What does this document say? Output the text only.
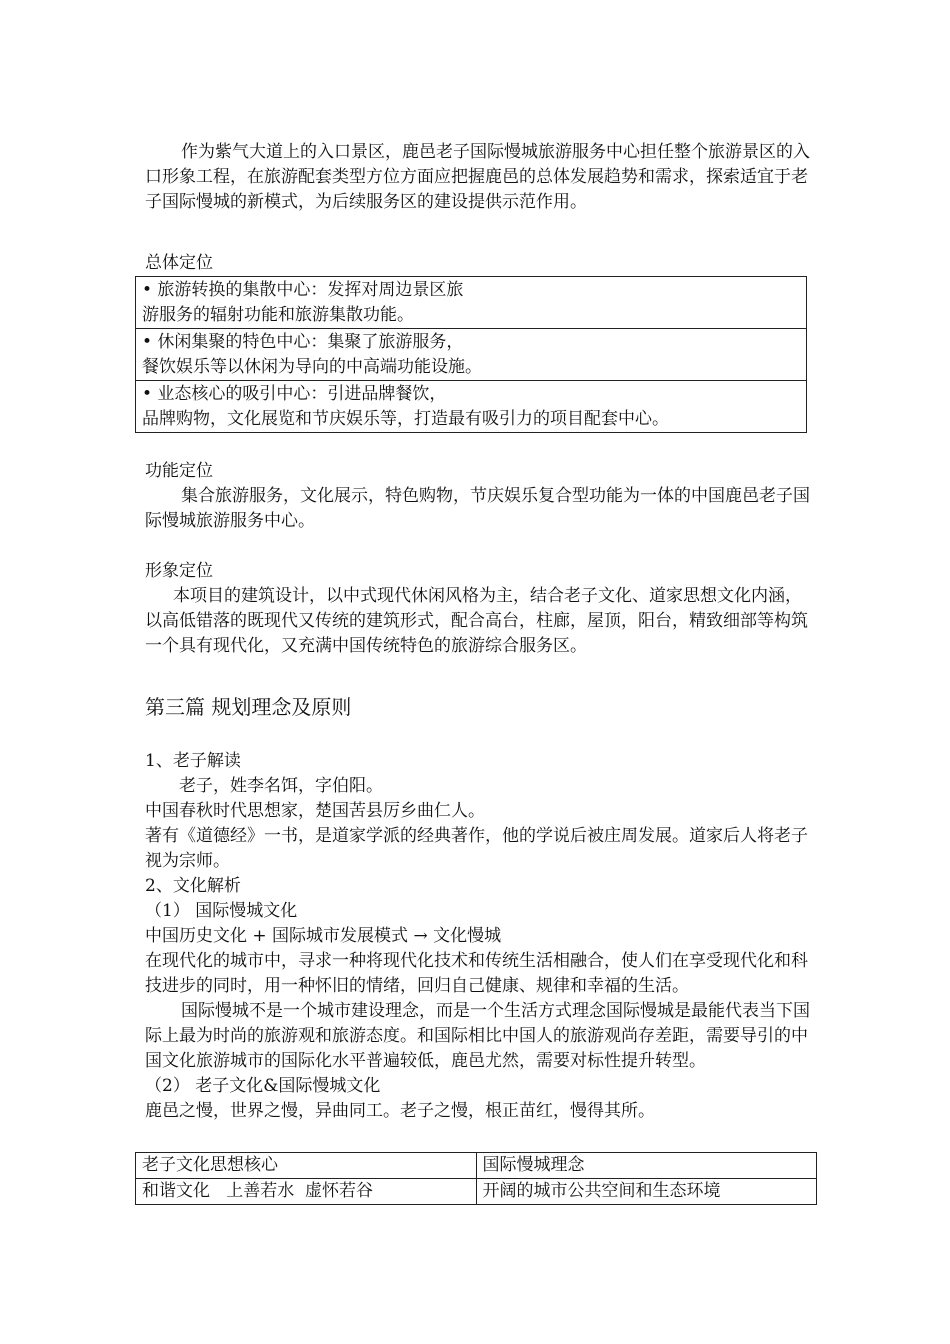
作为紫气大道上的入口景区，鹿邑老子国际慢城旅游服务中心担任整个旅游景区的入口形象工程，在旅游配套类型方位方面应把握鹿邑的总体发展趋势和需求，探索适宜于老子国际慢城的新模式，为后续服务区的建设提供示范作用。

总体定位

• 旅游转换的集散中心：发挥对周边景区旅
游服务的辐射功能和旅游集散功能。

• 休闲集聚的特色中心：集聚了旅游服务，
餐饮娱乐等以休闲为导向的中高端功能设施。

• 业态核心的吸引中心：引进品牌餐饮，
品牌购物，文化展览和节庆娱乐等，打造最有吸引力的项目配套中心。

功能定位

集合旅游服务，文化展示，特色购物，节庆娱乐复合型功能为一体的中国鹿邑老子国际慢城旅游服务中心。

形象定位

本项目的建筑设计，以中式现代休闲风格为主，结合老子文化、道家思想文化内涵，以高低错落的既现代又传统的建筑形式，配合高台，柱廊，屋顶，阳台，精致细部等构筑一个具有现代化，又充满中国传统特色的旅游综合服务区。

第三篇 规划理念及原则

1、老子解读

老子，姓李名饵，字伯阳。

中国春秋时代思想家，楚国苦县厉乡曲仁人。

著有《道德经》一书，是道家学派的经典著作，他的学说后被庄周发展。道家后人将老子视为宗师。

2、文化解析

（1） 国际慢城文化

中国历史文化 + 国际城市发展模式 → 文化慢城

在现代化的城市中，寻求一种将现代化技术和传统生活相融合，使人们在享受现代化和科技进步的同时，用一种怀旧的情绪，回归自己健康、规律和幸福的生活。

国际慢城不是一个城市建设理念，而是一个生活方式理念国际慢城是最能代表当下国际上最为时尚的旅游观和旅游态度。和国际相比中国人的旅游观尚存差距，需要导引的中国文化旅游城市的国际化水平普遍较低，鹿邑尤然，需要对标性提升转型。

（2） 老子文化&国际慢城文化

鹿邑之慢，世界之慢，异曲同工。老子之慢，根正苗红，慢得其所。

老子文化思想核心	国际慢城理念
和谐文化   上善若水  虚怀若谷	开阔的城市公共空间和生态环境
